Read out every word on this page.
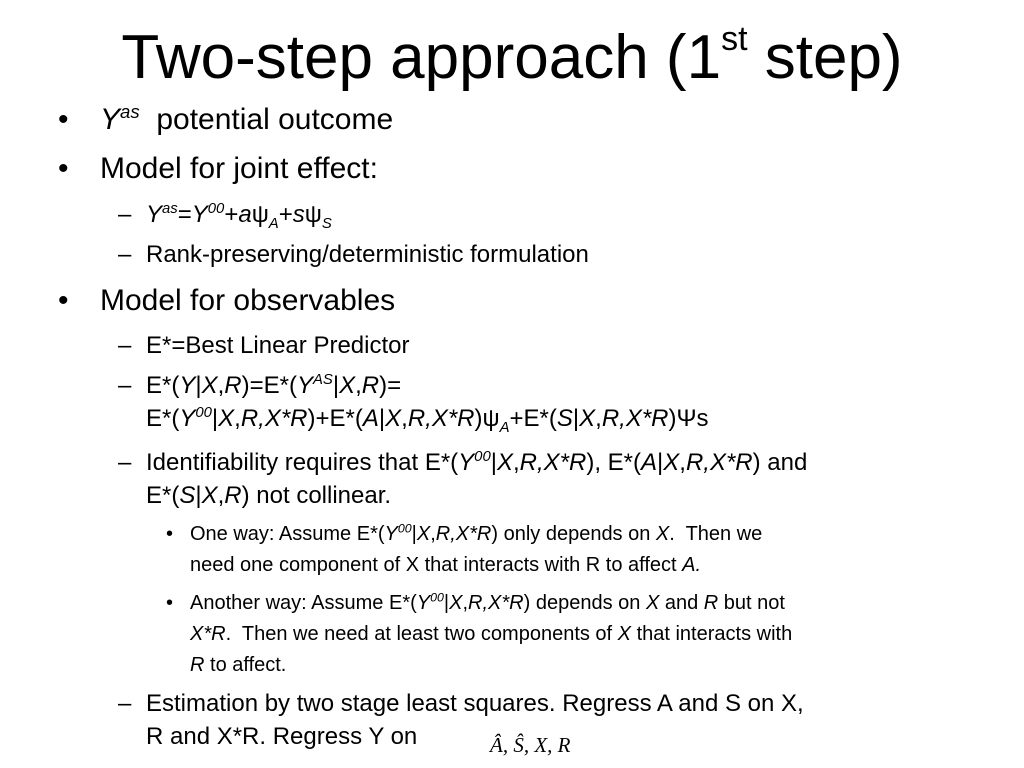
Two-step approach (1st step)
• $Y^{as}$ potential outcome
• Model for joint effect:
– $Y^{as}=Y^{00}+a\psi_A+s\psi_S$
– Rank-preserving/deterministic formulation
• Model for observables
– E*=Best Linear Predictor
– $E*(Y|X,R)=E*(Y^{AS}|X,R)=$
$E*(Y^{00}|X,R,X*R)+E*(A|X,R,X*R)\psi_A+E*(S|X,R,X*R)\Psi s$
– Identifiability requires that $E*(Y^{00}|X,R,X*R)$, E*(A|X,R,X*R) and
E*(S|X,R) not collinear.
• One way: Assume $E*(Y^{00}|X,R,X*R)$ only depends on X.  Then we
need one component of X that interacts with R to affect A.
• Another way: Assume $E*(Y^{00}|X,R,X*R)$ depends on X and R but not
X*R.  Then we need at least two components of X that interacts with
R to affect.
– Estimation by two stage least squares. Regress A and S on X,
R and X*R. Regress Y on	Â, Ŝ, X, R
